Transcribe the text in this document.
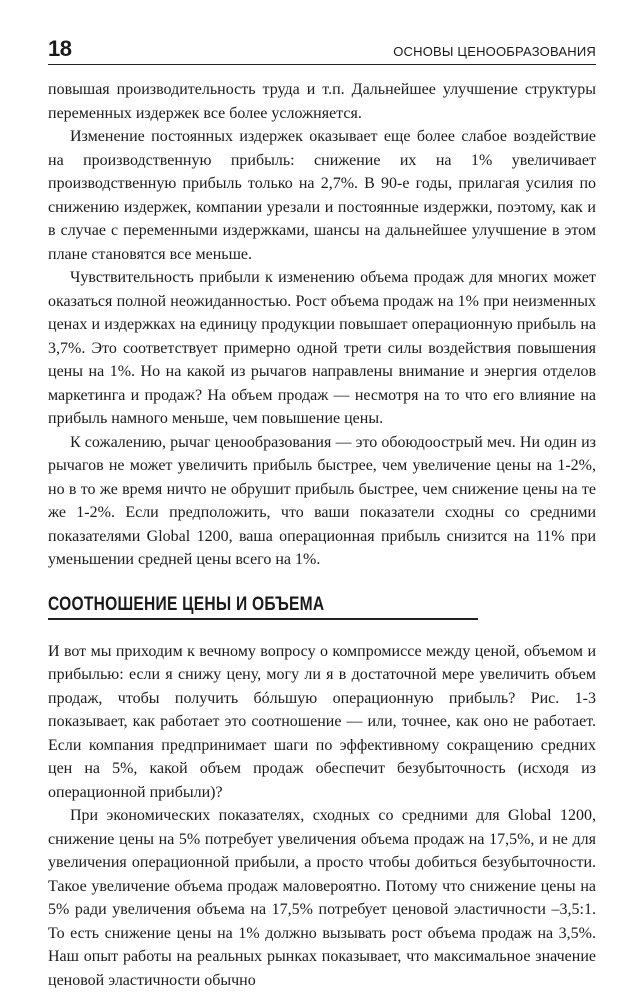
18	ОСНОВЫ ЦЕНООБРАЗОВАНИЯ

повышая производительность труда и т.п. Дальнейшее улучшение структуры переменных издержек все более усложняется.

Изменение постоянных издержек оказывает еще более слабое воздействие на производственную прибыль: снижение их на 1% увеличивает производственную прибыль только на 2,7%. В 90-е годы, прилагая усилия по снижению издержек, компании урезали и постоянные издержки, поэтому, как и в случае с переменными издержками, шансы на дальнейшее улучшение в этом плане становятся все меньше.

Чувствительность прибыли к изменению объема продаж для многих может оказаться полной неожиданностью. Рост объема продаж на 1% при неизменных ценах и издержках на единицу продукции повышает операционную прибыль на 3,7%. Это соответствует примерно одной трети силы воздействия повышения цены на 1%. Но на какой из рычагов направлены внимание и энергия отделов маркетинга и продаж? На объем продаж — несмотря на то что его влияние на прибыль намного меньше, чем повышение цены.

К сожалению, рычаг ценообразования — это обоюдоострый меч. Ни один из рычагов не может увеличить прибыль быстрее, чем увеличение цены на 1-2%, но в то же время ничто не обрушит прибыль быстрее, чем снижение цены на те же 1-2%. Если предположить, что ваши показатели сходны со средними показателями Global 1200, ваша операционная прибыль снизится на 11% при уменьшении средней цены всего на 1%.

СООТНОШЕНИЕ ЦЕНЫ И ОБЪЕМА

И вот мы приходим к вечному вопросу о компромиссе между ценой, объемом и прибылью: если я снижу цену, могу ли я в достаточной мере увеличить объем продаж, чтобы получить бóльшую операционную прибыль? Рис. 1-3 показывает, как работает это соотношение — или, точнее, как оно не работает. Если компания предпринимает шаги по эффективному сокращению средних цен на 5%, какой объем продаж обеспечит безубыточность (исходя из операционной прибыли)?

При экономических показателях, сходных со средними для Global 1200, снижение цены на 5% потребует увеличения объема продаж на 17,5%, и не для увеличения операционной прибыли, а просто чтобы добиться безубыточности. Такое увеличение объема продаж маловероятно. Потому что снижение цены на 5% ради увеличения объема на 17,5% потребует ценовой эластичности –3,5:1. То есть снижение цены на 1% должно вызывать рост объема продаж на 3,5%. Наш опыт работы на реальных рынках показывает, что максимальное значение ценовой эластичности обычно
